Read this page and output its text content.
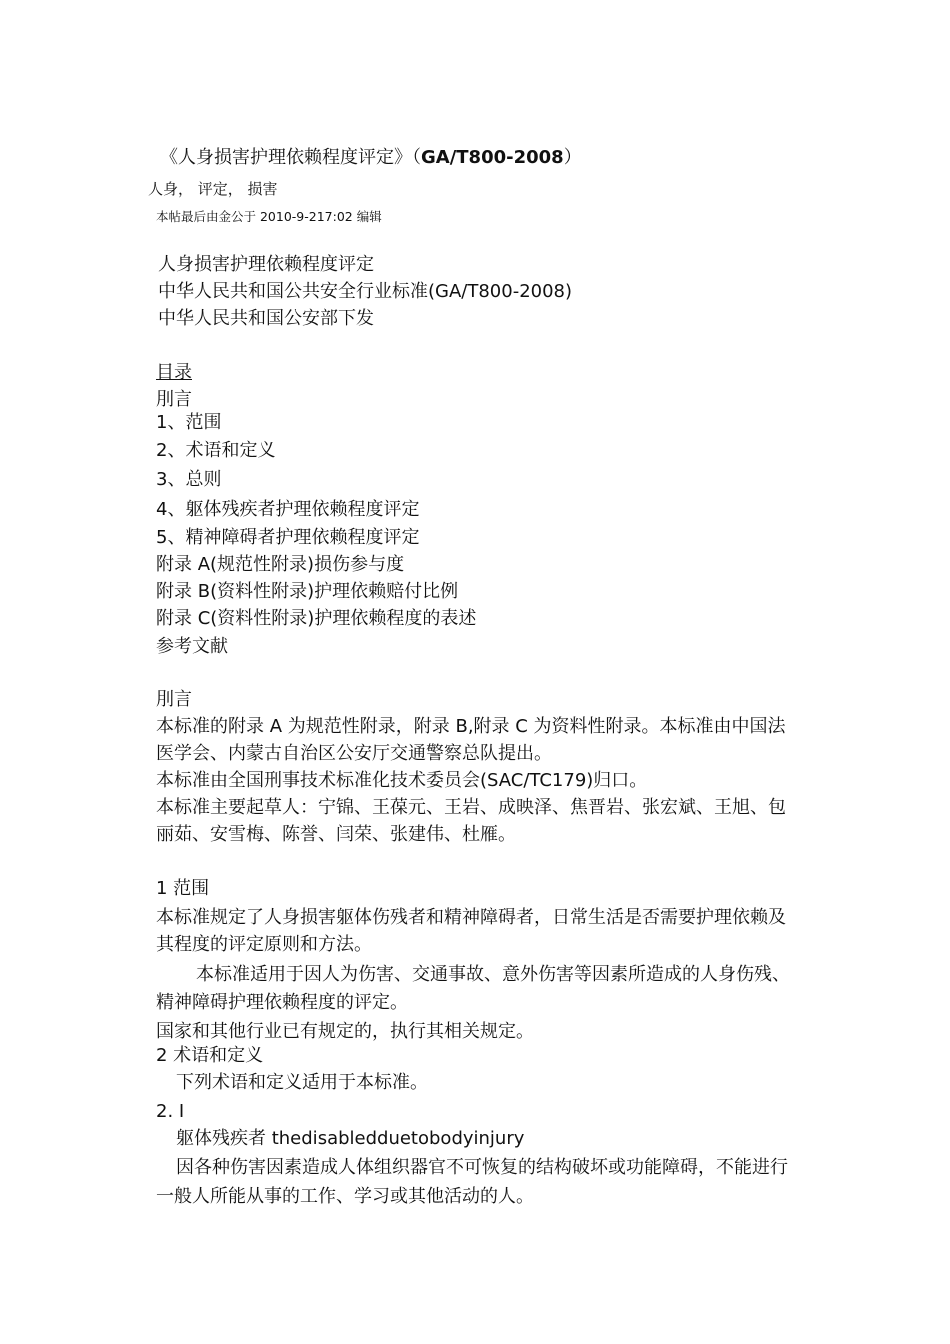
《人身损害护理依赖程度评定》（GA/T800-2008）
人身， 评定， 损害
本帖最后由金公于 2010-9-217:02 编辑
人身损害护理依赖程度评定
中华人民共和国公共安全行业标准(GA/T800-2008)
中华人民共和国公安部下发
目录
刖言
1、范围
2、术语和定义
3、总则
4、躯体残疾者护理依赖程度评定
5、精神障碍者护理依赖程度评定
附录 A(规范性附录)损伤参与度
附录 B(资料性附录)护理依赖赔付比例
附录 C(资料性附录)护理依赖程度的表述
参考文献
刖言
本标准的附录 A 为规范性附录，附录 B,附录 C 为资料性附录。本标准由中国法
医学会、内蒙古自治区公安厅交通警察总队提出。
本标准由全国刑事技术标准化技术委员会(SAC/TC179)归口。
本标准主要起草人：宁锦、王葆元、王岩、成映泽、焦晋岩、张宏斌、王旭、包
丽茹、安雪梅、陈誉、闫荣、张建伟、杜雁。
1 范围
本标准规定了人身损害躯体伤残者和精神障碍者，日常生活是否需要护理依赖及
其程度的评定原则和方法。
本标准适用于因人为伤害、交通事故、意外伤害等因素所造成的人身伤残、
精神障碍护理依赖程度的评定。
国家和其他行业已有规定的，执行其相关规定。
2 术语和定义
下列术语和定义适用于本标准。
2. I
躯体残疾者 thedisabledduetobodyinjury
因各种伤害因素造成人体组织器官不可恢复的结构破坏或功能障碍，不能进行
一般人所能从事的工作、学习或其他活动的人。
